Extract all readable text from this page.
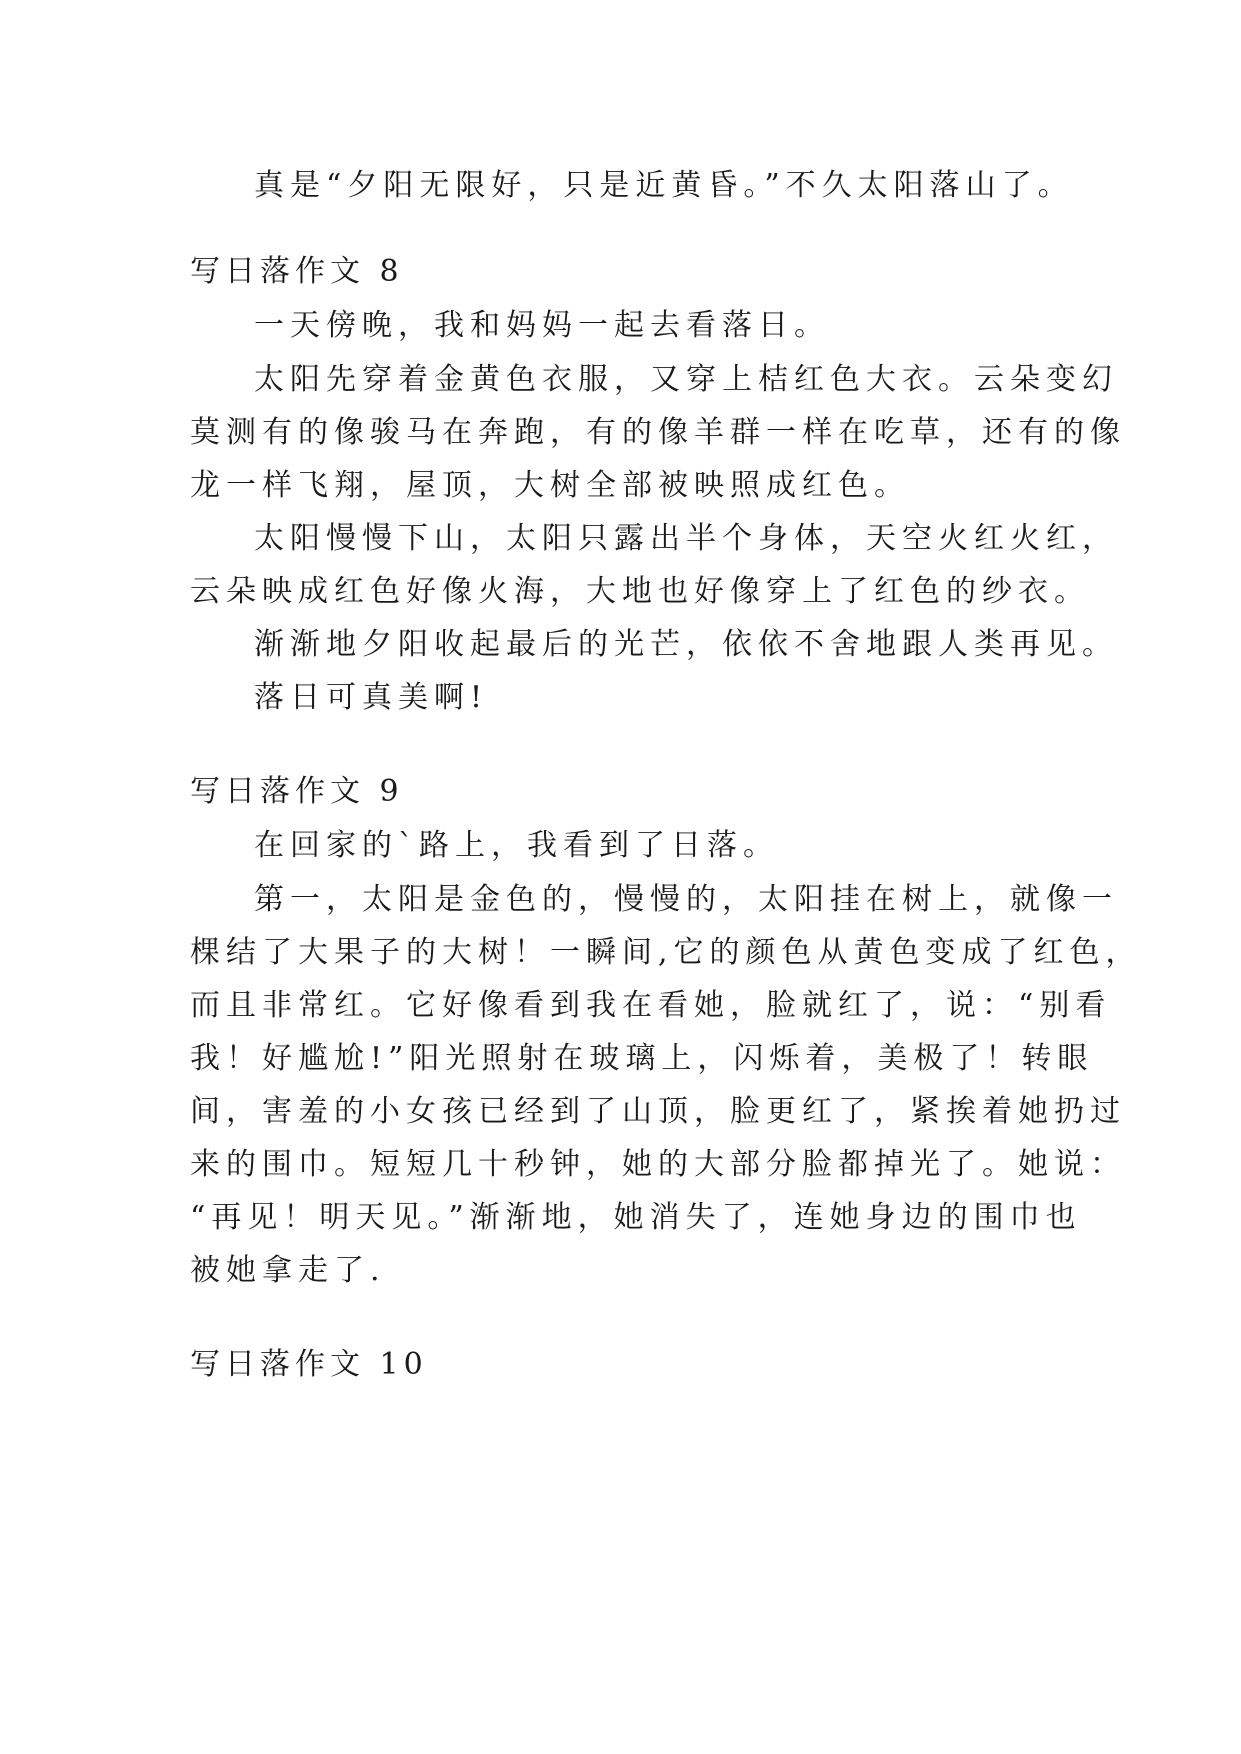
真是“夕阳无限好，只是近黄昏。”不久太阳落山了。

写日落作文 8

一天傍晚，我和妈妈一起去看落日。

太阳先穿着金黄色衣服，又穿上桔红色大衣。云朵变幻

莫测有的像骏马在奔跑，有的像羊群一样在吃草，还有的像

龙一样飞翔，屋顶，大树全部被映照成红色。

太阳慢慢下山，太阳只露出半个身体，天空火红火红，

云朵映成红色好像火海，大地也好像穿上了红色的纱衣。

渐渐地夕阳收起最后的光芒，依依不舍地跟人类再见。

落日可真美啊!

写日落作文 9

在回家的`路上，我看到了日落。

第一，太阳是金色的，慢慢的，太阳挂在树上，就像一

棵结了大果子的大树！一瞬间,它的颜色从黄色变成了红色，

而且非常红。它好像看到我在看她，脸就红了，说：“别看

我！好尴尬!”阳光照射在玻璃上，闪烁着，美极了！转眼

间，害羞的小女孩已经到了山顶，脸更红了，紧挨着她扔过

来的围巾。短短几十秒钟，她的大部分脸都掉光了。她说：

“再见！明天见。”渐渐地，她消失了，连她身边的围巾也

被她拿走了.

写日落作文 10
